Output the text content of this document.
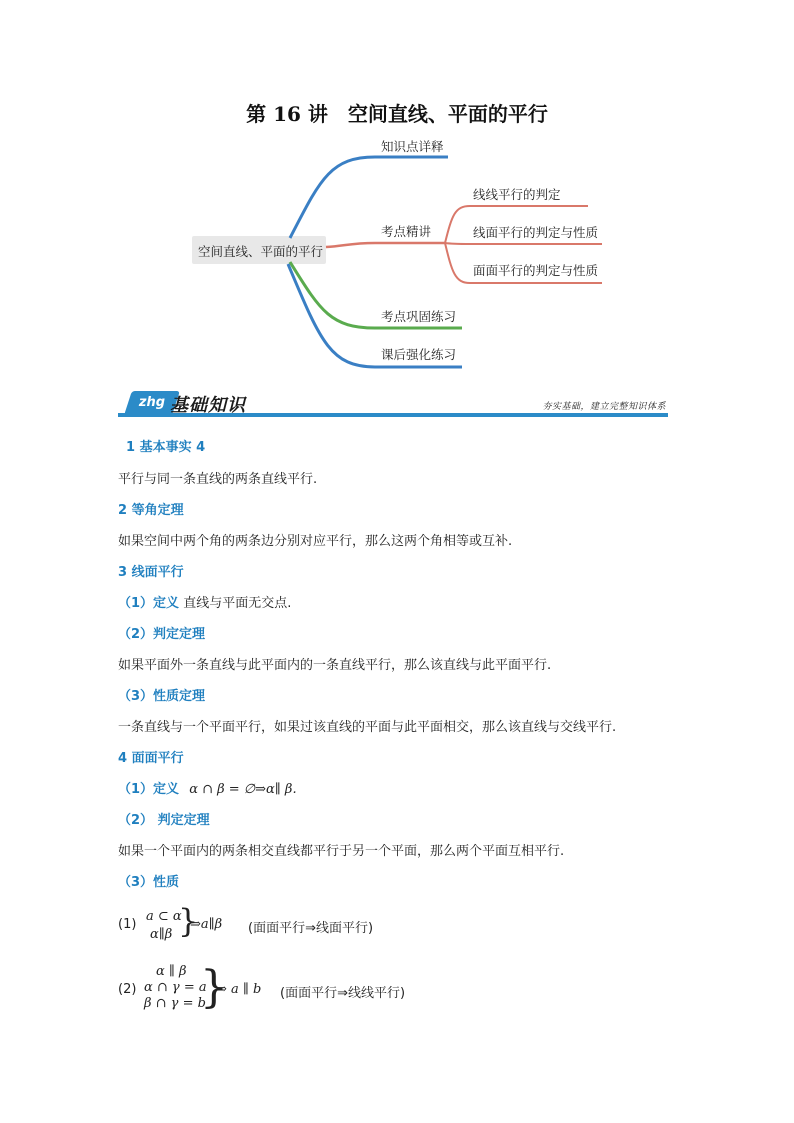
第 16 讲　空间直线、平面的平行
空间直线、平面的平行
知识点详释
考点精讲
线线平行的判定
线面平行的判定与性质
面面平行的判定与性质
考点巩固练习
课后强化练习
zhg 基础知识	夯实基础，建立完整知识体系
1 基本事实 4
平行与同一条直线的两条直线平行.
2 等角定理
如果空间中两个角的两条边分别对应平行，那么这两个角相等或互补.
3 线面平行
（1）定义 直线与平面无交点.
（2）判定定理
如果平面外一条直线与此平面内的一条直线平行，那么该直线与此平面平行.
（3）性质定理
一条直线与一个平面平行，如果过该直线的平面与此平面相交，那么该直线与交线平行.
4 面面平行
（1）定义 α ∩ β = ∅⇒α∥ β.
（2） 判定定理
如果一个平面内的两条相交直线都平行于另一个平面，那么两个平面互相平行.
（3）性质
(1)
a ⊂ α
α∥β }
⇒a∥β (面面平行⇒线面平行)
(2)
α ∥ β
α ∩ γ = a
β ∩ γ = b
}
⇒ a ∥ b (面面平行⇒线线平行)
